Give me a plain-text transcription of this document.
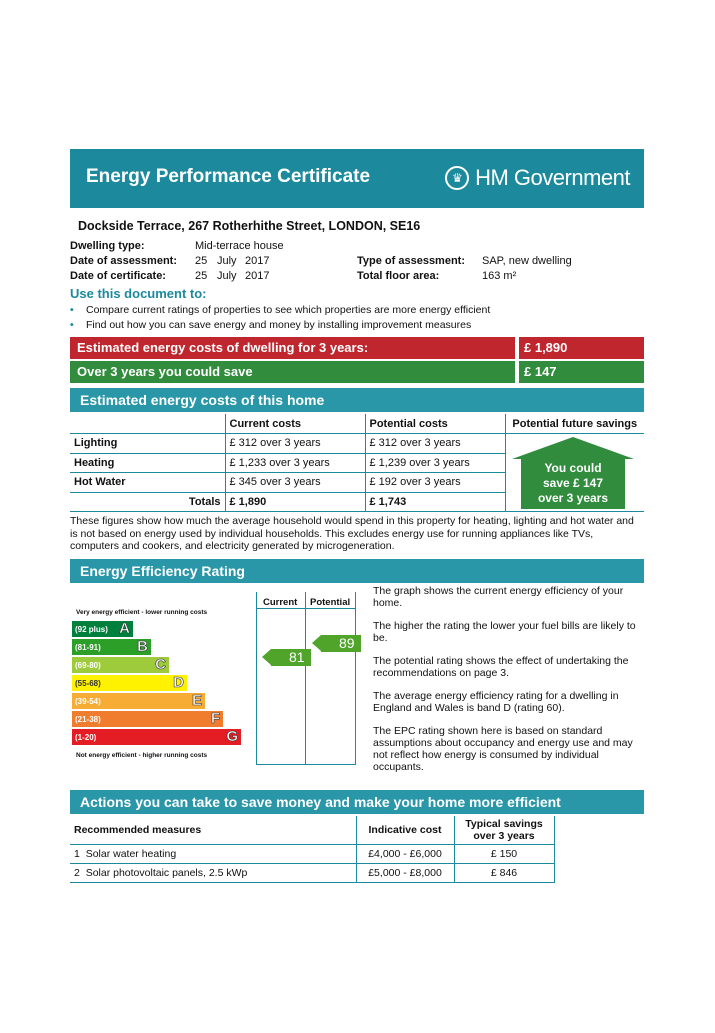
Energy Performance Certificate	♛ HM Government
Dockside Terrace, 267 Rotherhithe Street, LONDON, SE16
Dwelling type:	Mid-terrace house
Date of assessment: 25 July 2017
Date of certificate:	25 July 2017
Type of assessment: SAP, new dwelling
Total floor area:	163 m²
Use this document to:
•	Compare current ratings of properties to see which properties are more energy efficient
•	Find out how you can save energy and money by installing improvement measures
Estimated energy costs of dwelling for 3 years:	£ 1,890
Over 3 years you could save	£ 147
Estimated energy costs of this home
	Current costs	Potential costs	Potential future savings
Lighting	£ 312 over 3 years	£ 312 over 3 years	
Heating	£ 1,233 over 3 years	£ 1,239 over 3 years	
Hot Water	£ 345 over 3 years	£ 192 over 3 years	
Totals	£ 1,890	£ 1,743	
You could
save £ 147
over 3 years
These figures show how much the average household would spend in this property for heating, lighting and hot water and is not based on energy used by individual households. This excludes energy use for running appliances like TVs, computers and cookers, and electricity generated by microgeneration.
Energy Efficiency Rating
Current Potential
Very energy efficient - lower running costs
Not energy efficient - higher running costs
(92 plus) A
(81-91) B
(69-80)	C
(55-68)	D
(39-54)	E
(21-38)	F
(1-20)	G
81
89

The graph shows the current energy efficiency of your home.

The higher the rating the lower your fuel bills are likely to be.

The potential rating shows the effect of undertaking the recommendations on page 3.

The average energy efficiency rating for a dwelling in England and Wales is band D (rating 60).

The EPC rating shown here is based on standard assumptions about occupancy and energy use and may not reflect how energy is consumed by individual occupants.

Actions you can take to save money and make your home more efficient
Recommended measures	Indicative cost	Typical savings over 3 years
1 Solar water heating	£4,000 - £6,000	£ 150
2 Solar photovoltaic panels, 2.5 kWp	£5,000 - £8,000	£ 846
